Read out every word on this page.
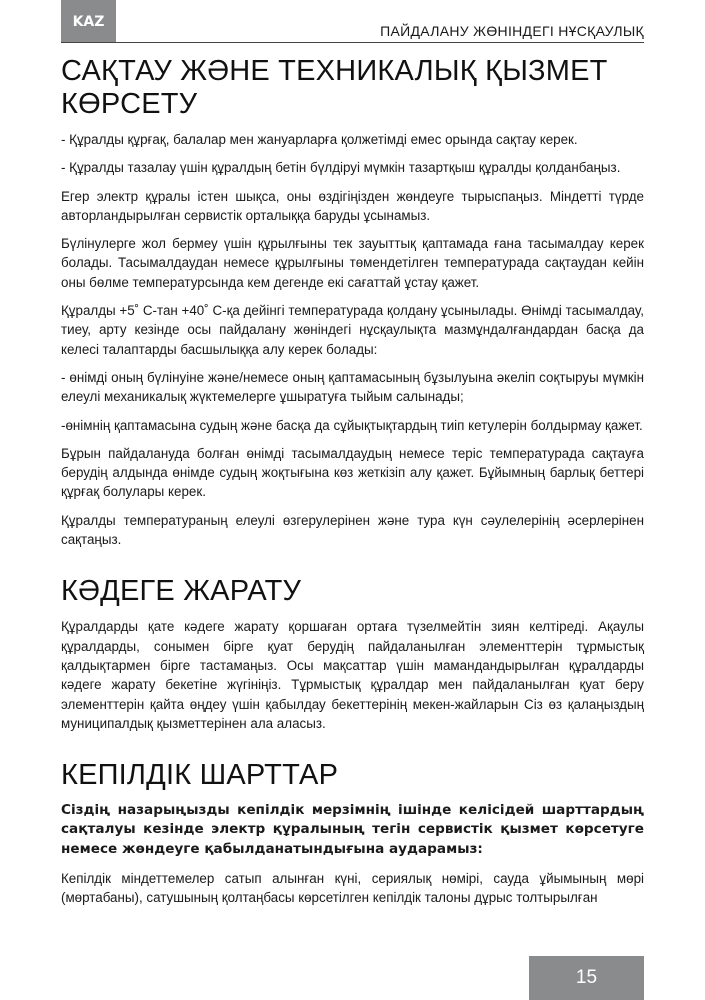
KAZ
ПАЙДАЛАНУ ЖӨНІНДЕГІ НҰСҚАУЛЫҚ
САҚТАУ ЖӘНЕ ТЕХНИКАЛЫҚ ҚЫЗМЕТ КӨРСЕТУ

- Құралды құрғақ, балалар мен жануарларға қолжетімді емес орында сақтау керек.

- Құралды тазалау үшін құралдың бетін бүлдіруі мүмкін тазартқыш құралды қолданбаңыз.

Егер электр құралы істен шықса, оны өздігіңізден жөндеуге тырыспаңыз. Міндетті түрде авторландырылған сервистік орталыққа баруды ұсынамыз.

Бүлінулерге жол бермеу үшін құрылғыны тек зауыттық қаптамада ғана тасымалдау керек болады. Тасымалдаудан немесе құрылғыны төмендетілген температурада сақтаудан кейін оны бөлме температурсында кем дегенде екі сағаттай ұстау қажет.

Құралды +5˚ С-тан +40˚ С-қа дейінгі температурада қолдану ұсынылады. Өнімді тасымалдау, тиеу, арту кезінде осы пайдалану жөніндегі нұсқаулықта мазмұндалғандардан басқа да келесі талаптарды басшылыққа алу керек болады:

- өнімді оның бүлінуіне және/немесе оның қаптамасының бұзылуына әкеліп соқтыруы мүмкін елеулі механикалық жүктемелерге ұшыратуға тыйым салынады;

-өнімнің қаптамасына судың және басқа да сұйықтықтардың тиіп кетулерін болдырмау қажет.

Бұрын пайдалануда болған өнімді тасымалдаудың немесе теріс температурада сақтауға берудің алдында өнімде судың жоқтығына көз жеткізіп алу қажет. Бұйымның барлық беттері құрғақ болулары керек.

Құралды температураның елеулі өзгерулерінен және тура күн сәулелерінің әсерлерінен сақтаңыз.

КӘДЕГЕ ЖАРАТУ

Құралдарды қате кәдеге жарату қоршаған ортаға түзелмейтін зиян келтіреді. Ақаулы құралдарды, сонымен бірге қуат берудің пайдаланылған элементтерін тұрмыстық қалдықтармен бірге тастамаңыз. Осы мақсаттар үшін мамандандырылған құралдарды кәдеге жарату бекетіне жүгініңіз. Тұрмыстық құралдар мен пайдаланылған қуат беру элементтерін қайта өңдеу үшін қабылдау бекеттерінің мекен-жайларын Сіз өз қалаңыздың муниципалдық қызметтерінен ала аласыз.

КЕПІЛДІК ШАРТТАР

Сіздің назарыңызды кепілдік мерзімнің ішінде келісідей шарттардың сақталуы кезінде электр құралының тегін сервистік қызмет көрсетуге немесе жөндеуге қабылданатындығына аударамыз:

Кепілдік міндеттемелер сатып алынған күні, сериялық нөмірі, сауда ұйымының мөрі (мөртабаны), сатушының қолтаңбасы көрсетілген кепілдік талоны дұрыс толтырылған

15
